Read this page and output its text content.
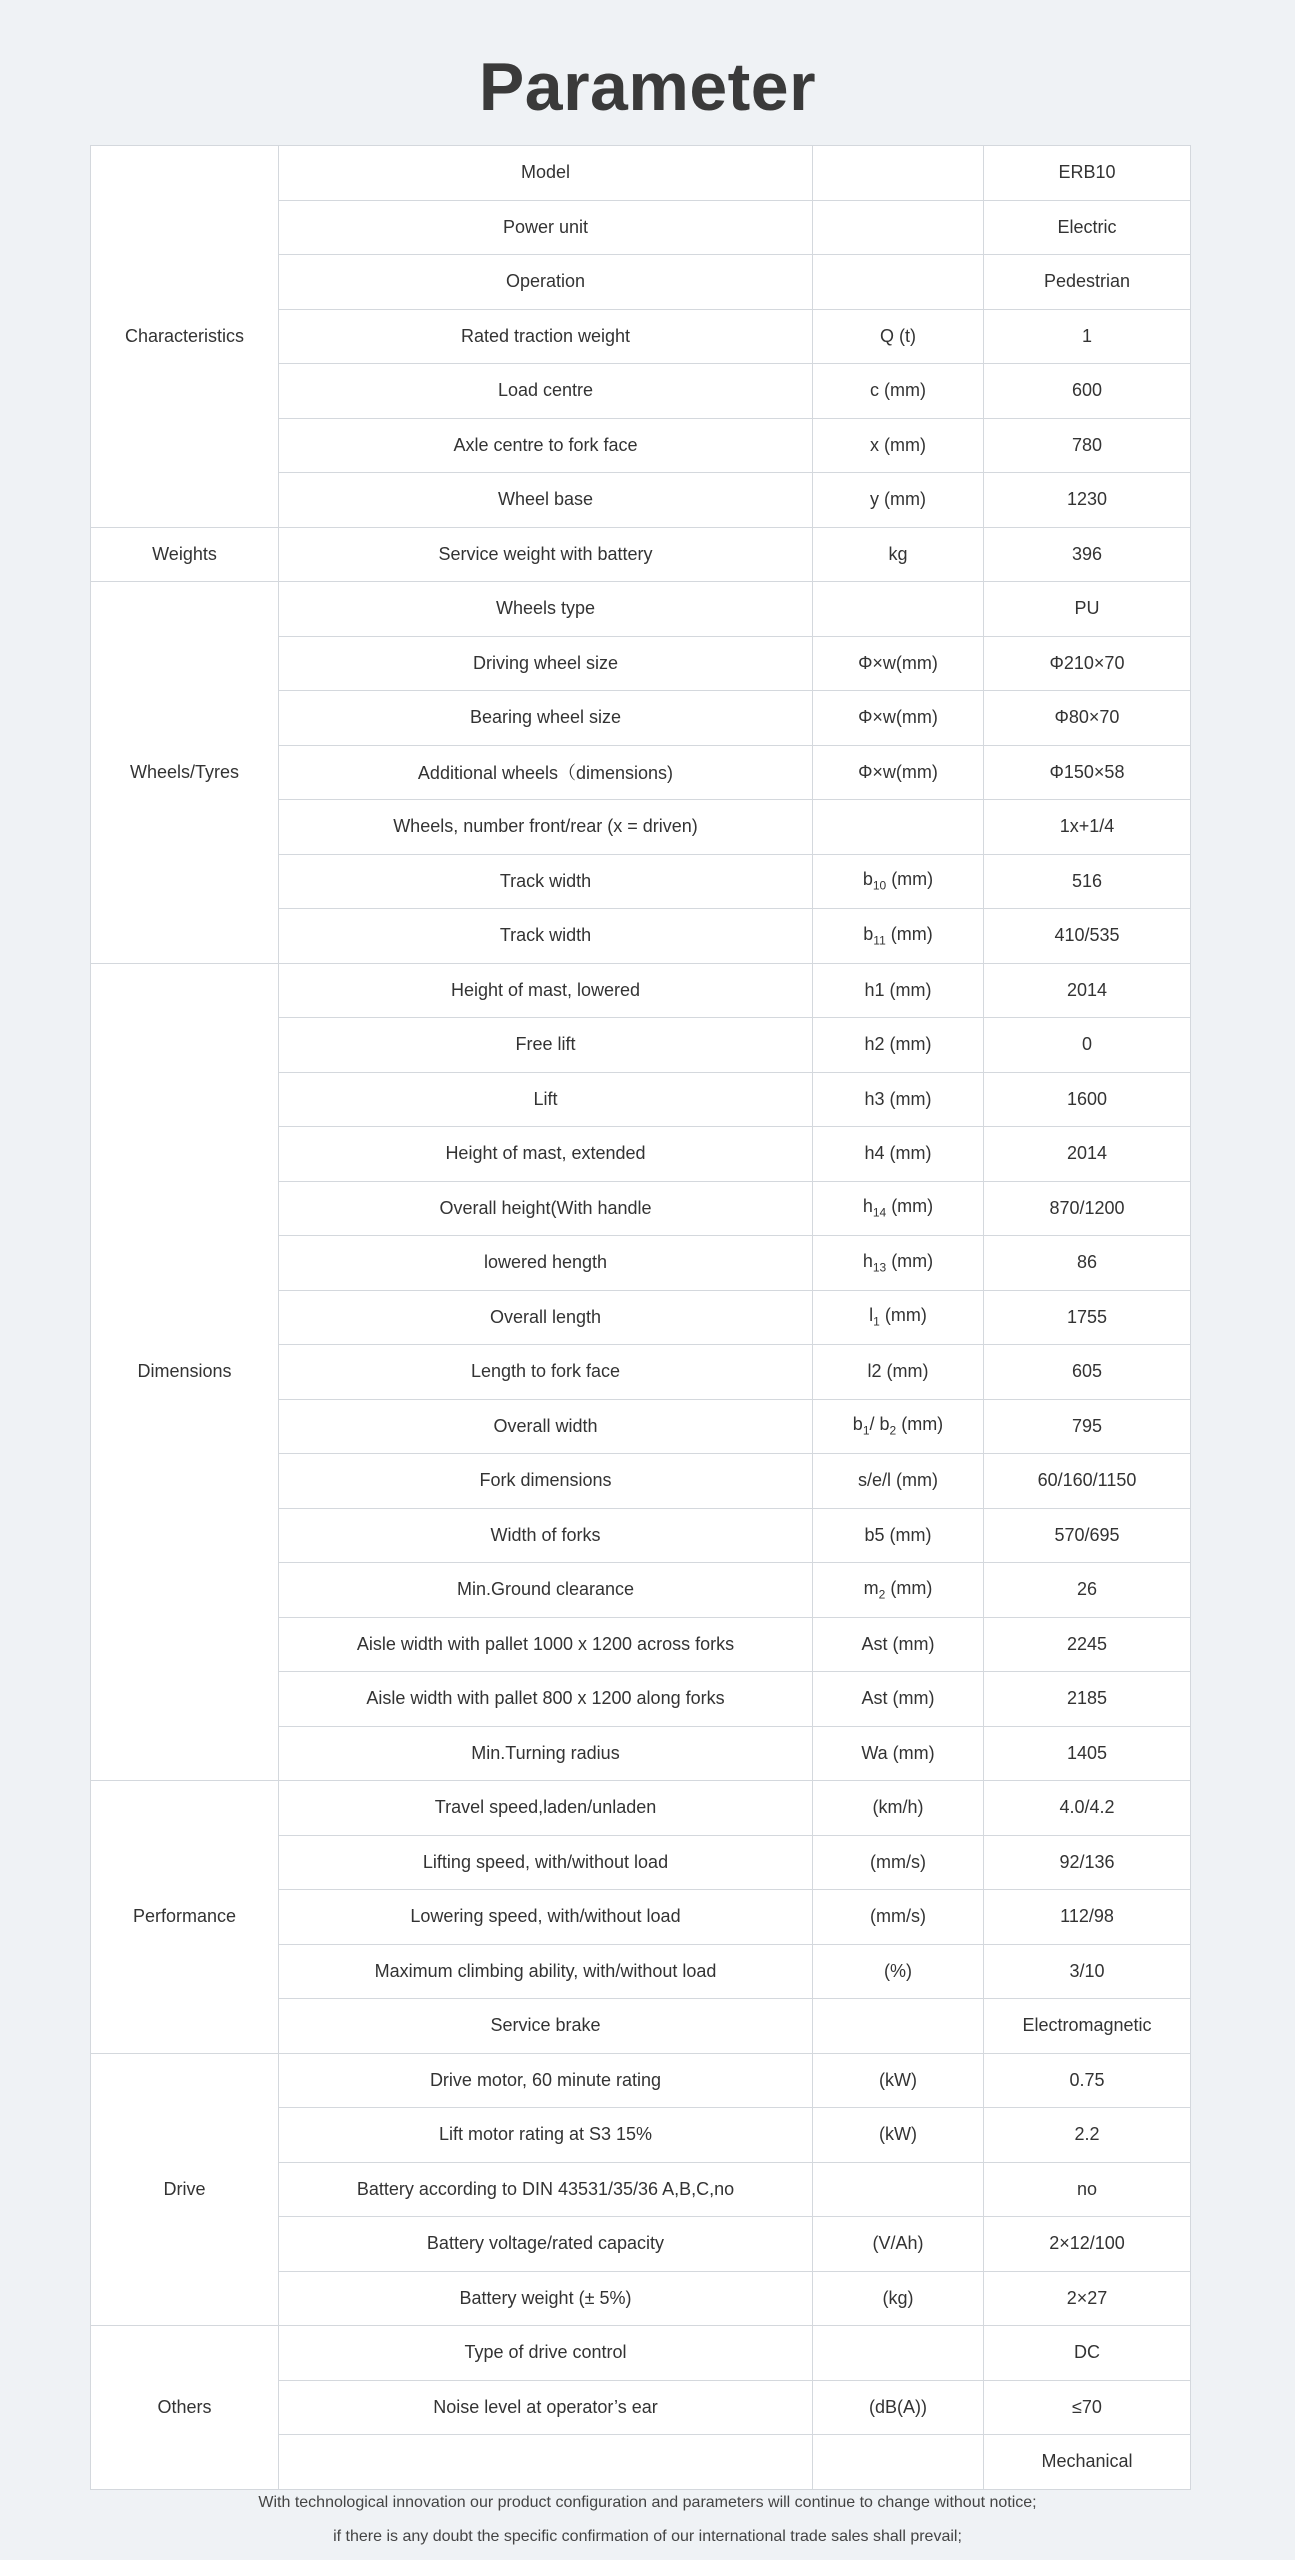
Parameter
Characteristics	Model		ERB10
	Power unit		Electric
	Operation		Pedestrian
	Rated traction weight	Q (t)	1
	Load centre	c (mm)	600
	Axle centre to fork face	x (mm)	780
	Wheel base	y (mm)	1230
Weights	Service weight with battery	kg	396
Wheels/Tyres	Wheels type		PU
	Driving wheel size	Φ×w(mm)	Φ210×70
	Bearing wheel size	Φ×w(mm)	Φ80×70
	Additional wheels（dimensions)	Φ×w(mm)	Φ150×58
	Wheels, number front/rear (x = driven)		1x+1/4
	Track width	$b_{10}$ (mm)	516
	Track width	$b_{11}$ (mm)	410/535
Dimensions	Height of mast, lowered	h1 (mm)	2014
	Free lift	h2 (mm)	0
	Lift	h3 (mm)	1600
	Height of mast, extended	h4 (mm)	2014
	Overall height(With handle	$h_{14}$ (mm)	870/1200
	lowered hength	$h_{13}$ (mm)	86
	Overall length	$l_1$ (mm)	1755
	Length to fork face	l2 (mm)	605
	Overall width	$b_1/$ $b_2$ (mm)	795
	Fork dimensions	s/e/l (mm)	60/160/1150
	Width of forks	b5 (mm)	570/695
	Min.Ground clearance	$m_2$ (mm)	26
	Aisle width with pallet 1000 x 1200 across forks	Ast (mm)	2245
	Aisle width with pallet 800 x 1200 along forks	Ast (mm)	2185
	Min.Turning radius	Wa (mm)	1405
Performance	Travel speed,laden/unladen	(km/h)	4.0/4.2
	Lifting speed, with/without load	(mm/s)	92/136
	Lowering speed, with/without load	(mm/s)	112/98
	Maximum climbing ability, with/without load	(%)	3/10
	Service brake		Electromagnetic
Drive	Drive motor, 60 minute rating	(kW)	0.75
	Lift motor rating at S3 15%	(kW)	2.2
	Battery according to DIN 43531/35/36 A,B,C,no		no
	Battery voltage/rated capacity	(V/Ah)	2×12/100
	Battery weight (± 5%)	(kg)	2×27
Others	Type of drive control		DC
	Noise level at operator’s ear	(dB(A))	≤70
			Mechanical
With technological innovation our product configuration and parameters will continue to change without notice;
if there is any doubt the specific confirmation of our international trade sales shall prevail;
